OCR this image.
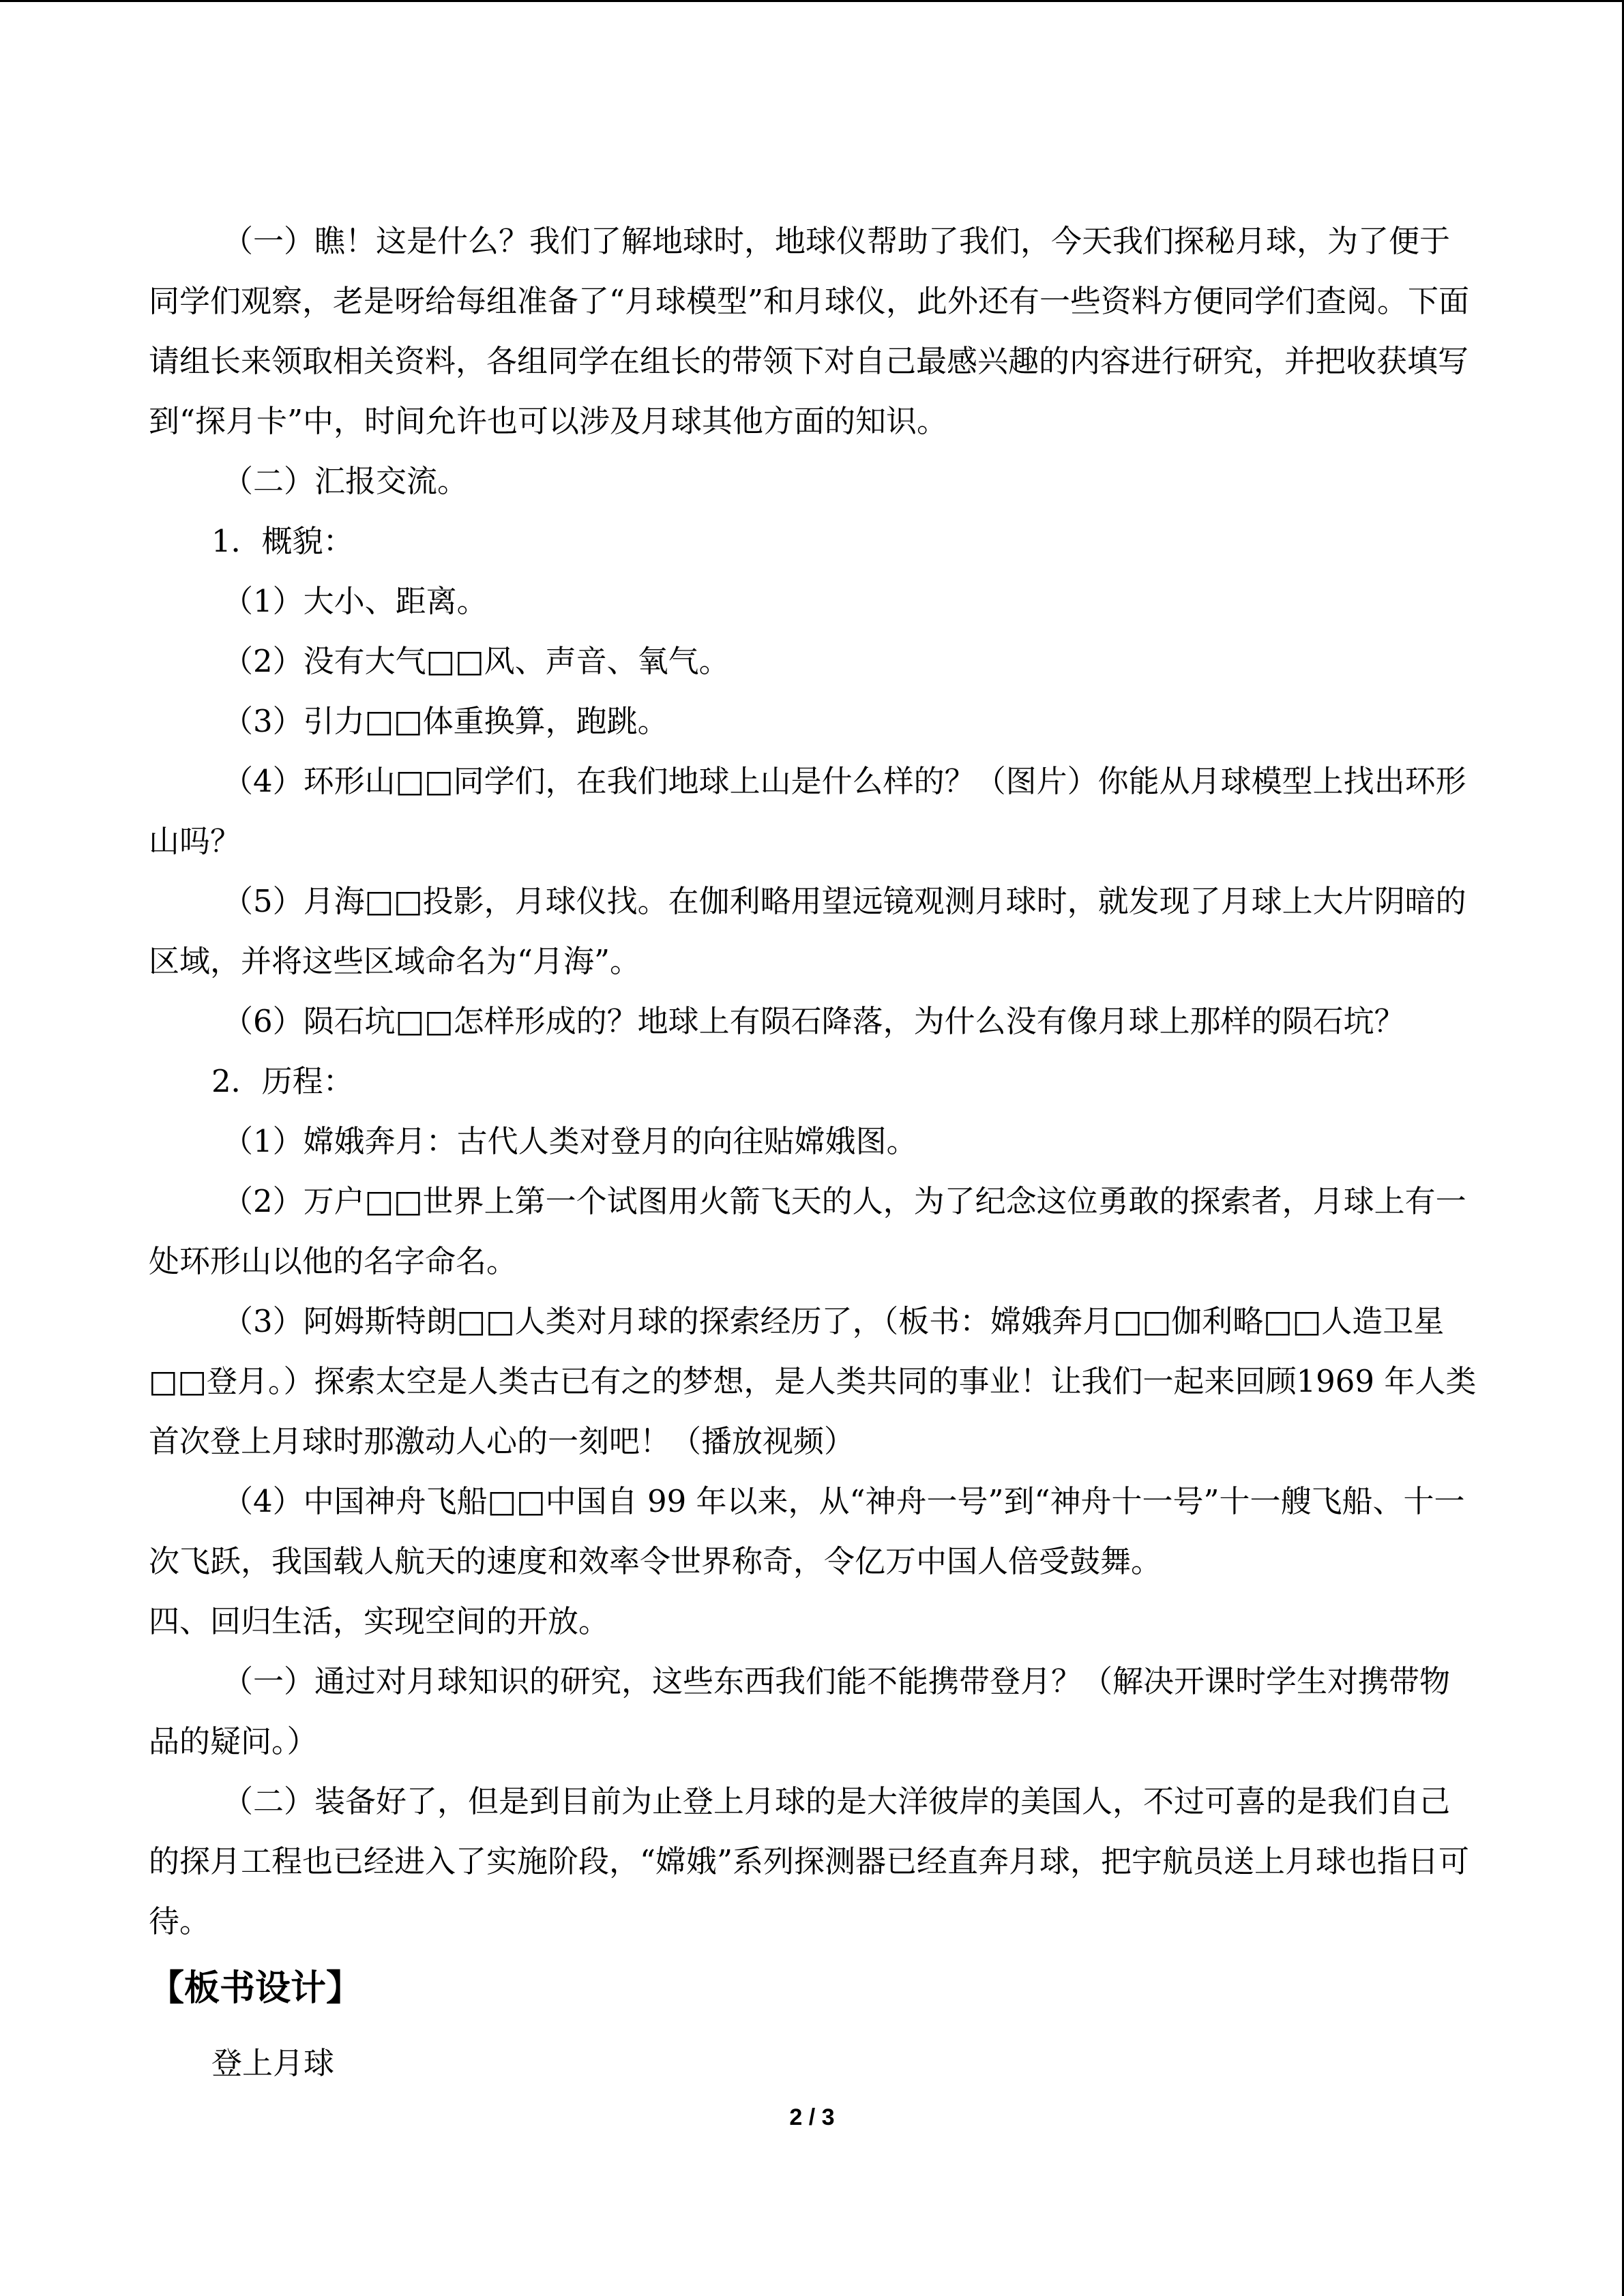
（一）瞧！这是什么？我们了解地球时，地球仪帮助了我们，今天我们探秘月球，为了便于同学们观察，老是呀给每组准备了“月球模型”和月球仪，此外还有一些资料方便同学们查阅。下面请组长来领取相关资料，各组同学在组长的带领下对自己最感兴趣的内容进行研究，并把收获填写到“探月卡”中，时间允许也可以涉及月球其他方面的知识。

（二）汇报交流。

1．概貌：

（1）大小、距离。

（2）没有大气□□风、声音、氧气。

（3）引力□□体重换算，跑跳。

（4）环形山□□同学们，在我们地球上山是什么样的？（图片）你能从月球模型上找出环形山吗？

（5）月海□□投影，月球仪找。在伽利略用望远镜观测月球时，就发现了月球上大片阴暗的区域，并将这些区域命名为“月海”。

（6）陨石坑□□怎样形成的？地球上有陨石降落，为什么没有像月球上那样的陨石坑？

2．历程：

（1）嫦娥奔月：古代人类对登月的向往贴嫦娥图。

（2）万户□□世界上第一个试图用火箭飞天的人，为了纪念这位勇敢的探索者，月球上有一处环形山以他的名字命名。

（3）阿姆斯特朗□□人类对月球的探索经历了，（板书：嫦娥奔月□□伽利略□□人造卫星□□登月。）探索太空是人类古已有之的梦想，是人类共同的事业！让我们一起来回顾1969 年人类首次登上月球时那激动人心的一刻吧！（播放视频）

（4）中国神舟飞船□□中国自 99 年以来，从“神舟一号”到“神舟十一号”十一艘飞船、十一次飞跃，我国载人航天的速度和效率令世界称奇，令亿万中国人倍受鼓舞。

四、回归生活，实现空间的开放。

（一）通过对月球知识的研究，这些东西我们能不能携带登月？（解决开课时学生对携带物品的疑问。）

（二）装备好了，但是到目前为止登上月球的是大洋彼岸的美国人，不过可喜的是我们自己的探月工程也已经进入了实施阶段，“嫦娥”系列探测器已经直奔月球，把宇航员送上月球也指日可待。

【板书设计】

登上月球

2 / 3
